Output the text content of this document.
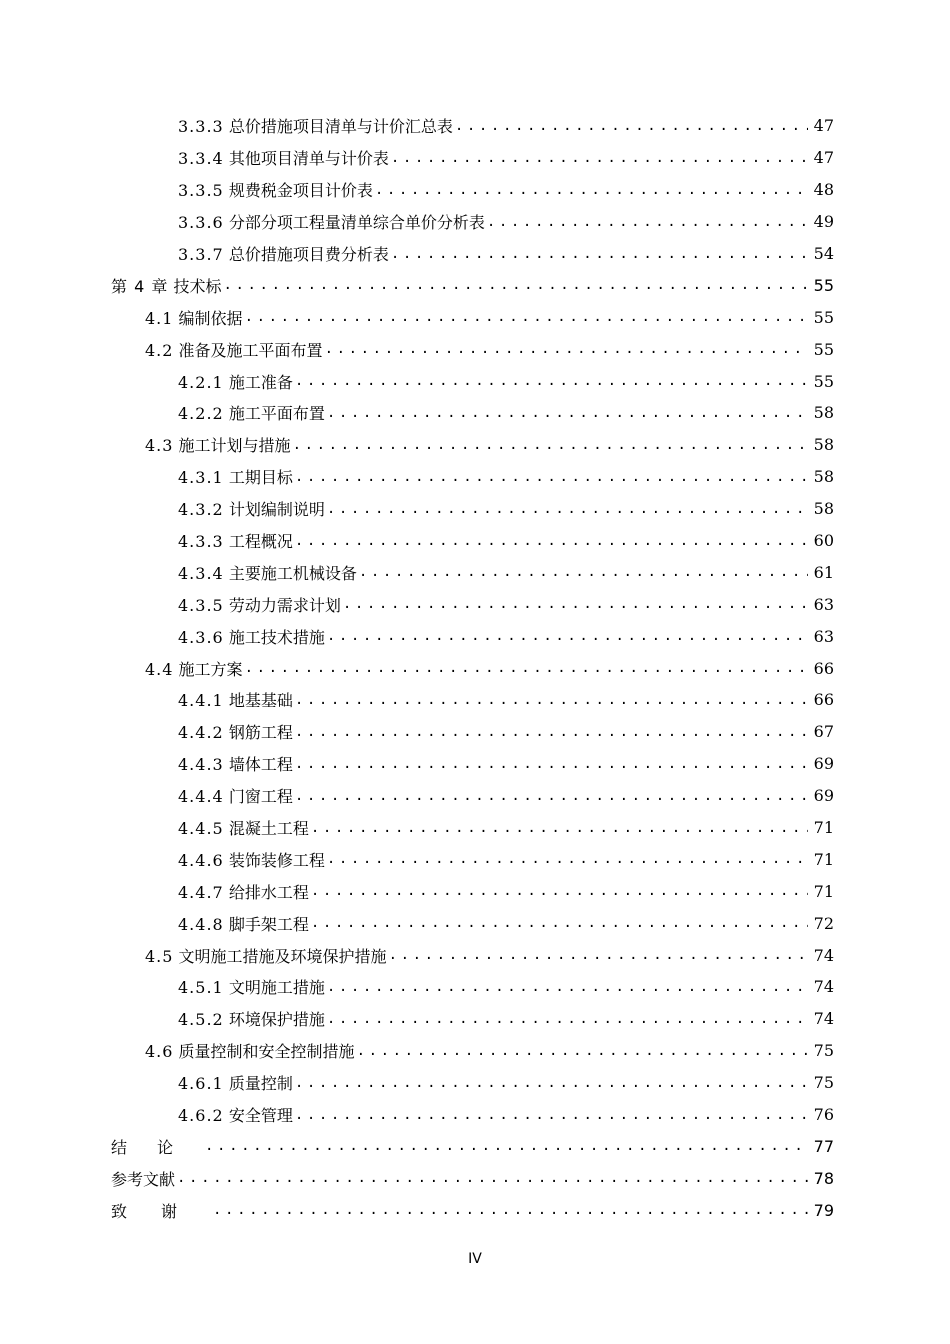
3.3.3 总价措施项目清单与计价汇总表 .....	47
3.3.4 其他项目清单与计价表 .....	47
3.3.5 规费税金项目计价表 .....	48
3.3.6 分部分项工程量清单综合单价分析表 .....	49
3.3.7 总价措施项目费分析表 .....	54
第 4 章 技术标 .....	55
4.1 编制依据 .....	55
4.2 准备及施工平面布置 .....	55
4.2.1 施工准备 .....	55
4.2.2 施工平面布置 .....	58
4.3 施工计划与措施 .....	58
4.3.1 工期目标 .....	58
4.3.2 计划编制说明 .....	58
4.3.3 工程概况 .....	60
4.3.4 主要施工机械设备 .....	61
4.3.5 劳动力需求计划 .....	63
4.3.6 施工技术措施 .....	63
4.4 施工方案 .....	66
4.4.1 地基基础 .....	66
4.4.2 钢筋工程 .....	67
4.4.3 墙体工程 .....	69
4.4.4 门窗工程 .....	69
4.4.5 混凝土工程 .....	71
4.4.6 装饰装修工程 .....	71
4.4.7 给排水工程 .....	71
4.4.8 脚手架工程 .....	72
4.5 文明施工措施及环境保护措施 .....	74
4.5.1 文明施工措施 .....	74
4.5.2 环境保护措施 .....	74
4.6 质量控制和安全控制措施 .....	75
4.6.1 质量控制 .....	75
4.6.2 安全管理 .....	76
结论 .....	77
参考文献 .....	78
致谢 .....	79
IV
